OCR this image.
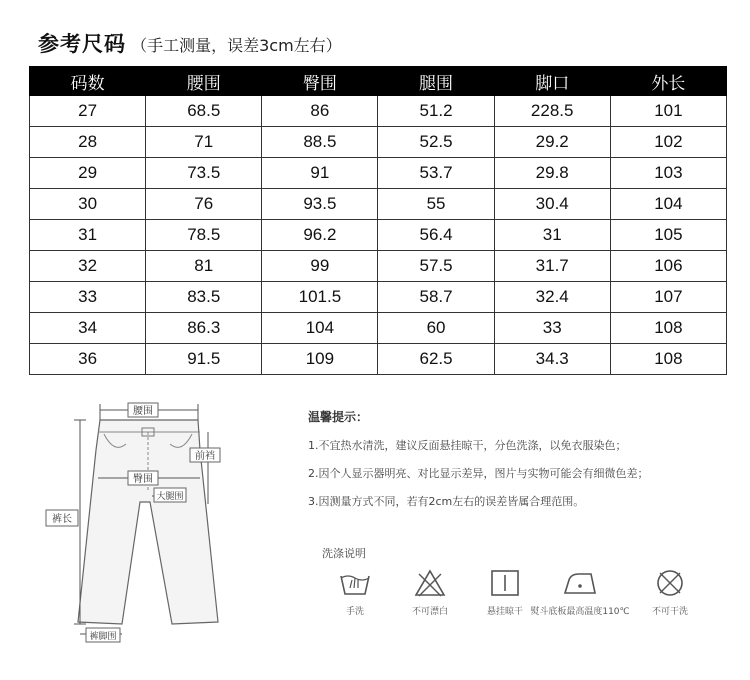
参考尺码 （手工测量，误差3cm左右）
码数	腰围	臀围	腿围	脚口	外长
27	68.5	86	51.2	228.5	101
28	71	88.5	52.5	29.2	102
29	73.5	91	53.7	29.8	103
30	76	93.5	55	30.4	104
31	78.5	96.2	56.4	31	105
32	81	99	57.5	31.7	106
33	83.5	101.5	58.7	32.4	107
34	86.3	104	60	33	108
36	91.5	109	62.5	34.3	108
腰围
前裆
臀围
大腿围
裤长
裤脚围
温馨提示：
1.不宜热水清洗，建议反面悬挂晾干，分色洗涤，以免衣服染色；
2.因个人显示器明亮、对比显示差异，图片与实物可能会有细微色差；
3.因测量方式不同，若有2cm左右的误差皆属合理范围。
洗涤说明
手洗	不可漂白	悬挂晾干 熨斗底板最高温度110℃	不可干洗
